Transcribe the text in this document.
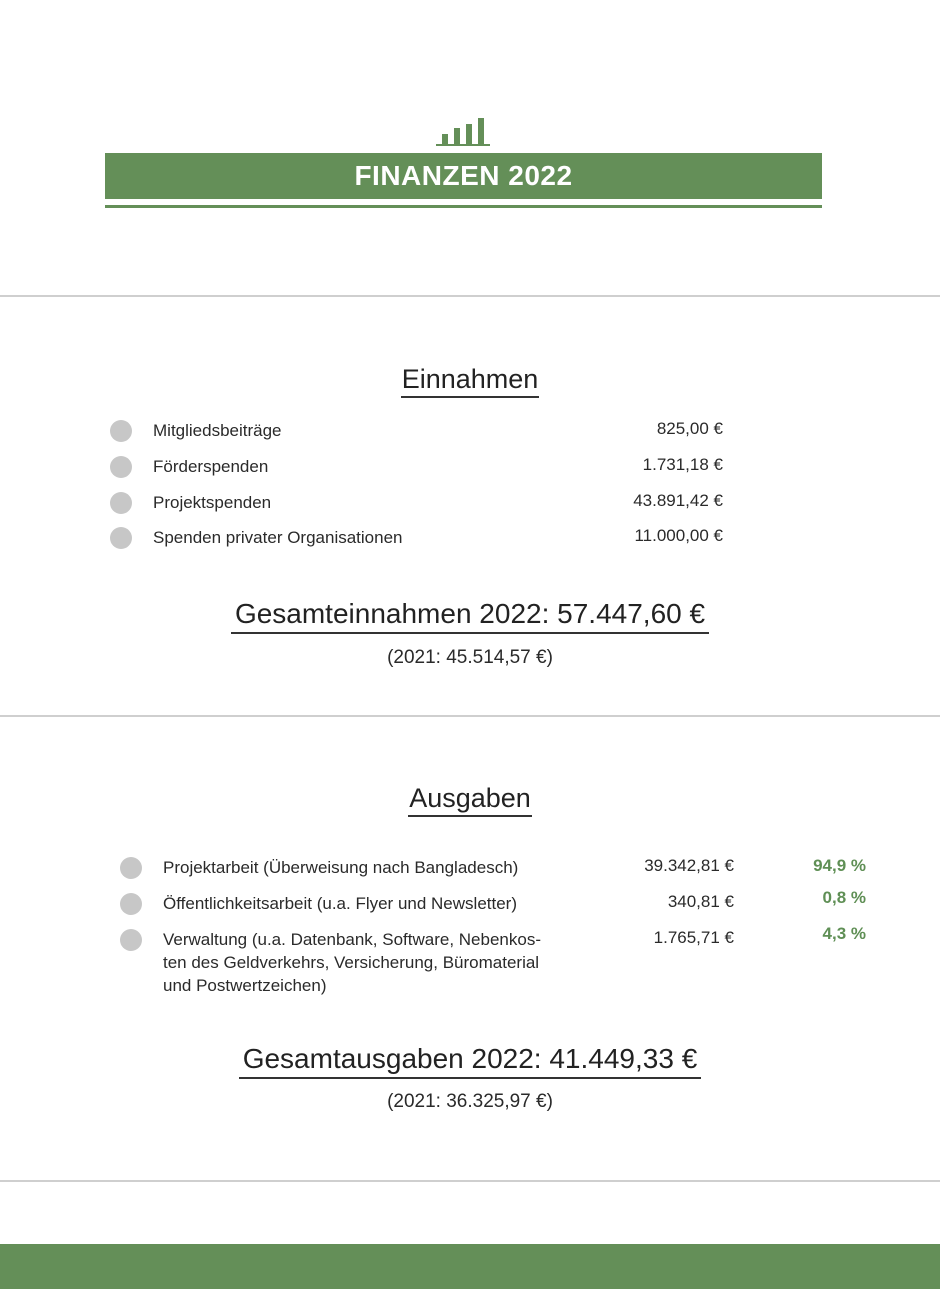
FINANZEN 2022
Einnahmen
Mitgliedsbeiträge	825,00 €
Förderspenden	1.731,18 €
Projektspenden	43.891,42 €
Spenden privater Organisationen	11.000,00 €
Gesamteinnahmen 2022: 57.447,60 €
(2021: 45.514,57 €)
Ausgaben
Projektarbeit (Überweisung nach Bangladesch)	39.342,81 €	94,9 %
Öffentlichkeitsarbeit (u.a. Flyer und Newsletter)	340,81 €	0,8 %
Verwaltung (u.a. Datenbank, Software, Nebenkos-
ten des Geldverkehrs, Versicherung, Büromaterial
und Postwertzeichen)
1.765,71 €	4,3 %
Gesamtausgaben 2022: 41.449,33 €
(2021: 36.325,97 €)
